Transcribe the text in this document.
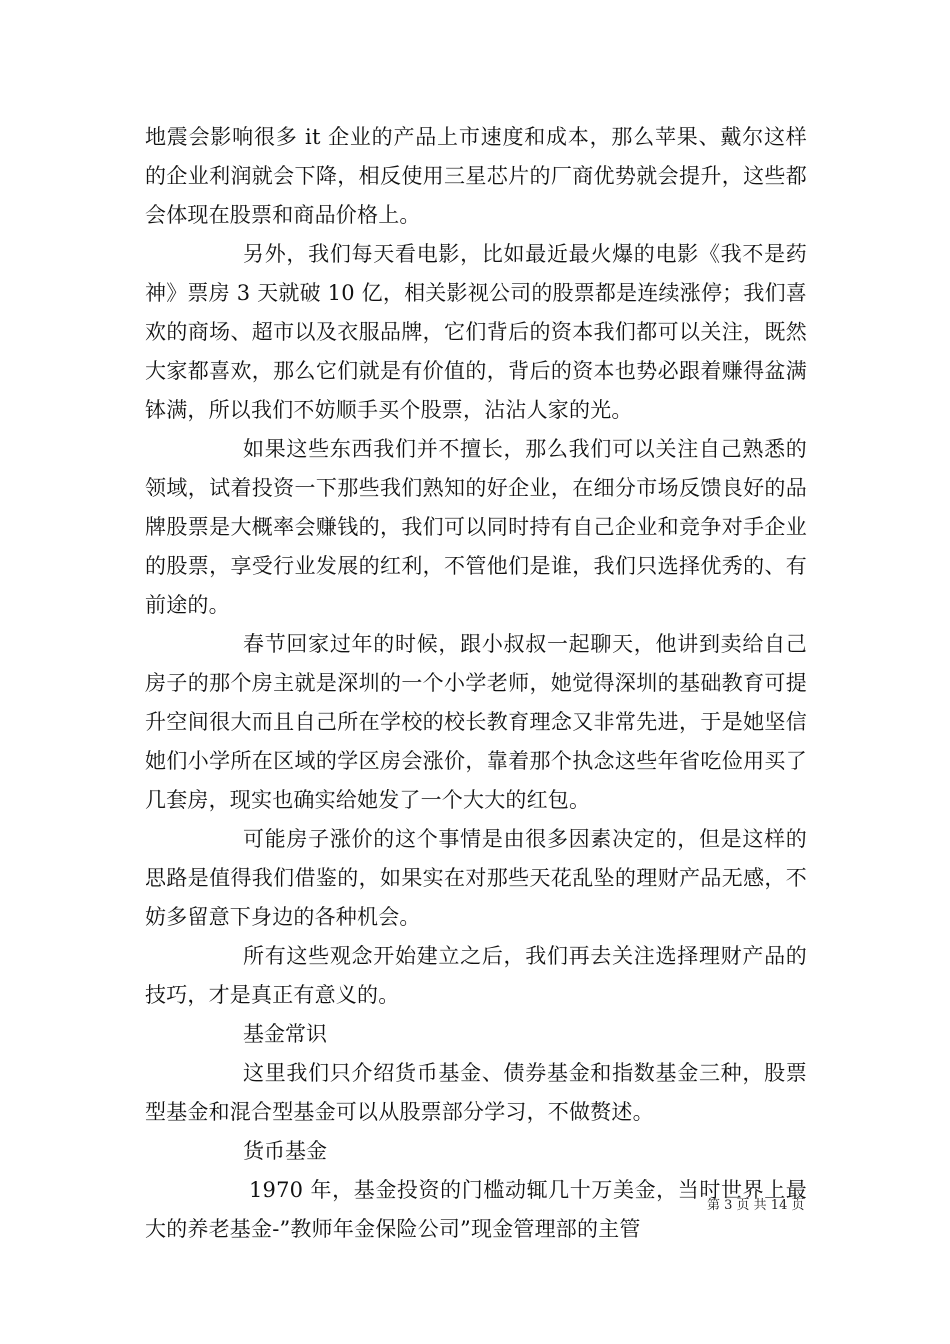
地震会影响很多 it 企业的产品上市速度和成本，那么苹果、戴尔这样的企业利润就会下降，相反使用三星芯片的厂商优势就会提升，这些都会体现在股票和商品价格上。

另外，我们每天看电影，比如最近最火爆的电影《我不是药神》票房 3 天就破 10 亿，相关影视公司的股票都是连续涨停；我们喜欢的商场、超市以及衣服品牌，它们背后的资本我们都可以关注，既然大家都喜欢，那么它们就是有价值的，背后的资本也势必跟着赚得盆满钵满，所以我们不妨顺手买个股票，沾沾人家的光。

如果这些东西我们并不擅长，那么我们可以关注自己熟悉的领域，试着投资一下那些我们熟知的好企业，在细分市场反馈良好的品牌股票是大概率会赚钱的，我们可以同时持有自己企业和竞争对手企业的股票，享受行业发展的红利，不管他们是谁，我们只选择优秀的、有前途的。

春节回家过年的时候，跟小叔叔一起聊天，他讲到卖给自己房子的那个房主就是深圳的一个小学老师，她觉得深圳的基础教育可提升空间很大而且自己所在学校的校长教育理念又非常先进，于是她坚信她们小学所在区域的学区房会涨价，靠着那个执念这些年省吃俭用买了几套房，现实也确实给她发了一个大大的红包。

可能房子涨价的这个事情是由很多因素决定的，但是这样的思路是值得我们借鉴的，如果实在对那些天花乱坠的理财产品无感，不妨多留意下身边的各种机会。

所有这些观念开始建立之后，我们再去关注选择理财产品的技巧，才是真正有意义的。

基金常识

这里我们只介绍货币基金、债券基金和指数基金三种，股票型基金和混合型基金可以从股票部分学习，不做赘述。

货币基金

1970 年，基金投资的门槛动辄几十万美金，当时世界上最大的养老基金-”教师年金保险公司”现金管理部的主管

第 3 页 共 14 页
